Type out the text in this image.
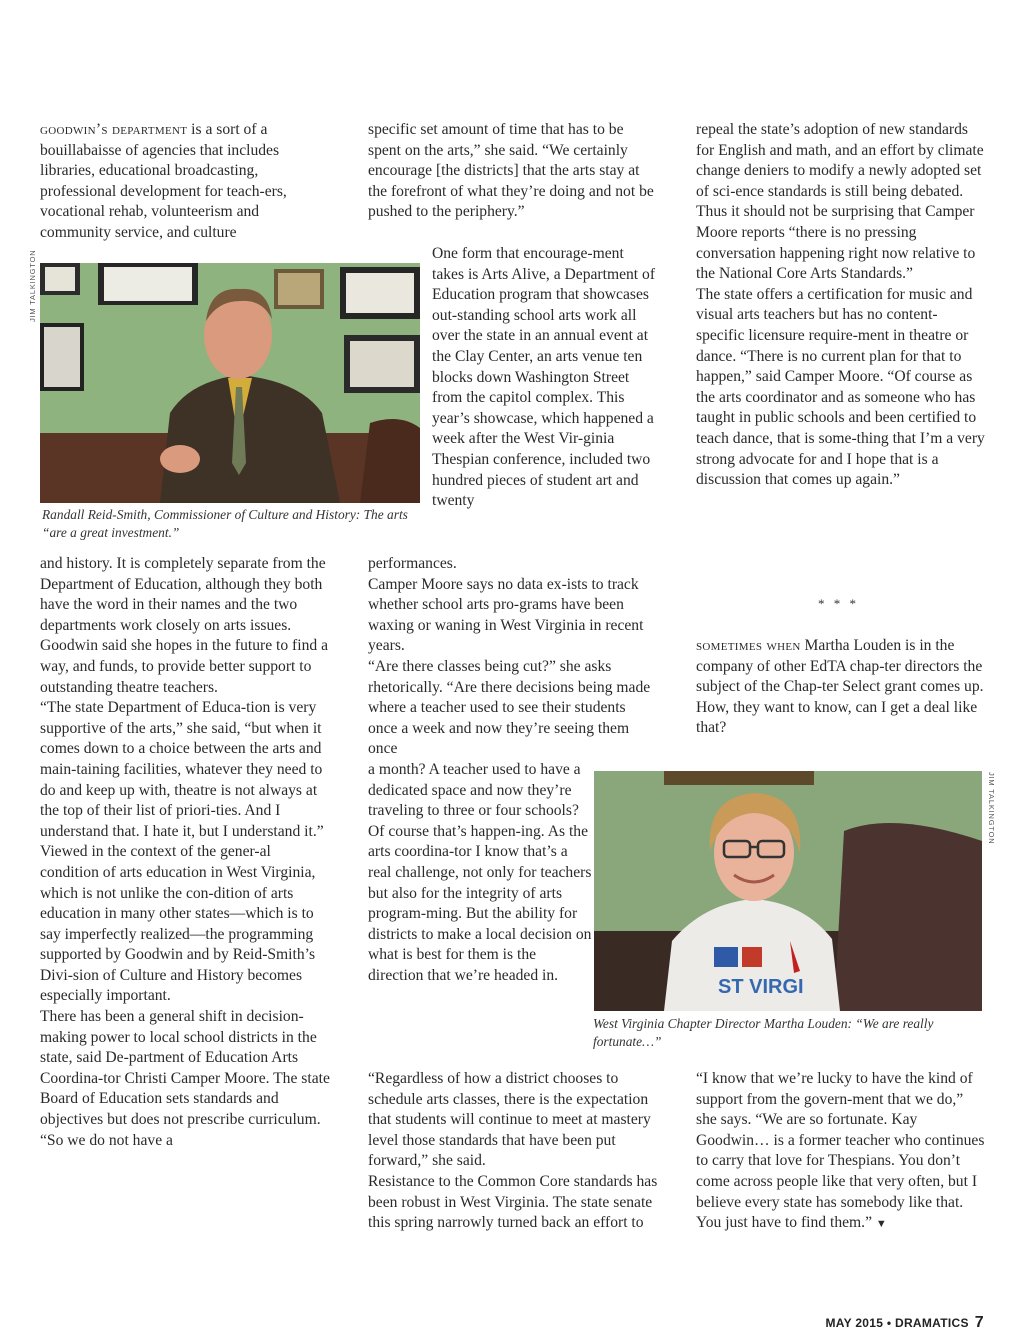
goodwin’s department is a sort of a bouillabaisse of agencies that includes libraries, educational broadcasting, professional development for teach-ers, vocational rehab, volunteerism and community service, and culture

JIM TALKINGTON

Randall Reid-Smith, Commissioner of Culture and History: The arts “are a great investment.”

and history. It is completely separate from the Department of Education, although they both have the word in their names and the two departments work closely on arts issues.
Goodwin said she hopes in the future to find a way, and funds, to provide better support to outstanding theatre teachers.
“The state Department of Educa-tion is very supportive of the arts,” she said, “but when it comes down to a choice between the arts and main-taining facilities, whatever they need to do and keep up with, theatre is not always at the top of their list of priori-ties. And I understand that. I hate it, but I understand it.”
Viewed in the context of the gener-al condition of arts education in West Virginia, which is not unlike the con-dition of arts education in many other states—which is to say imperfectly realized—the programming supported by Goodwin and by Reid-Smith’s Divi-sion of Culture and History becomes especially important.
There has been a general shift in decision-making power to local school districts in the state, said De-partment of Education Arts Coordina-tor Christi Camper Moore. The state Board of Education sets standards and objectives but does not prescribe curriculum. “So we do not have a

specific set amount of time that has to be spent on the arts,” she said. “We certainly encourage [the districts] that the arts stay at the forefront of what they’re doing and not be pushed to the periphery.”

One form that encourage-ment takes is Arts Alive, a Department of Education program that showcases out-standing school arts work all over the state in an annual event at the Clay Center, an arts venue ten blocks down Washington Street from the capitol complex. This year’s showcase, which happened a week after the West Vir-ginia Thespian conference, included two hundred pieces of student art and twenty

performances.
Camper Moore says no data ex-ists to track whether school arts pro-grams have been waxing or waning in West Virginia in recent years.
“Are there classes being cut?” she asks rhetorically. “Are there decisions being made where a teacher used to see their students once a week and now they’re seeing them once

a month? A teacher used to have a dedicated space and now they’re traveling to three or four schools? Of course that’s happen-ing. As the arts coordina-tor I know that’s a real challenge, not only for teachers but also for the integrity of arts program-ming. But the ability for districts to make a local decision on what is best for them is the direction that we’re headed in.

“Regardless of how a district chooses to schedule arts classes, there is the expectation that students will continue to meet at mastery level those standards that have been put forward,” she said.
Resistance to the Common Core standards has been robust in West Virginia. The state senate this spring narrowly turned back an effort to

repeal the state’s adoption of new standards for English and math, and an effort by climate change deniers to modify a newly adopted set of sci-ence standards is still being debated. Thus it should not be surprising that Camper Moore reports “there is no pressing conversation happening right now relative to the National Core Arts Standards.”
The state offers a certification for music and visual arts teachers but has no content-specific licensure require-ment in theatre or dance. “There is no current plan for that to happen,” said Camper Moore. “Of course as the arts coordinator and as someone who has taught in public schools and been certified to teach dance, that is some-thing that I’m a very strong advocate for and I hope that is a discussion that comes up again.”

* * *

sometimes when Martha Louden is in the company of other EdTA chap-ter directors the subject of the Chap-ter Select grant comes up. How, they want to know, can I get a deal like that?

ST VIRGI
JIM TALKINGTON

West Virginia Chapter Director Martha Louden: “We are really fortunate…”

“I know that we’re lucky to have the kind of support from the govern-ment that we do,” she says. “We are so fortunate. Kay Goodwin… is a former teacher who continues to carry that love for Thespians. You don’t come across people like that very often, but I believe every state has somebody like that. You just have to find them.” ▼

MAY 2015 • DRAMATICS 7
